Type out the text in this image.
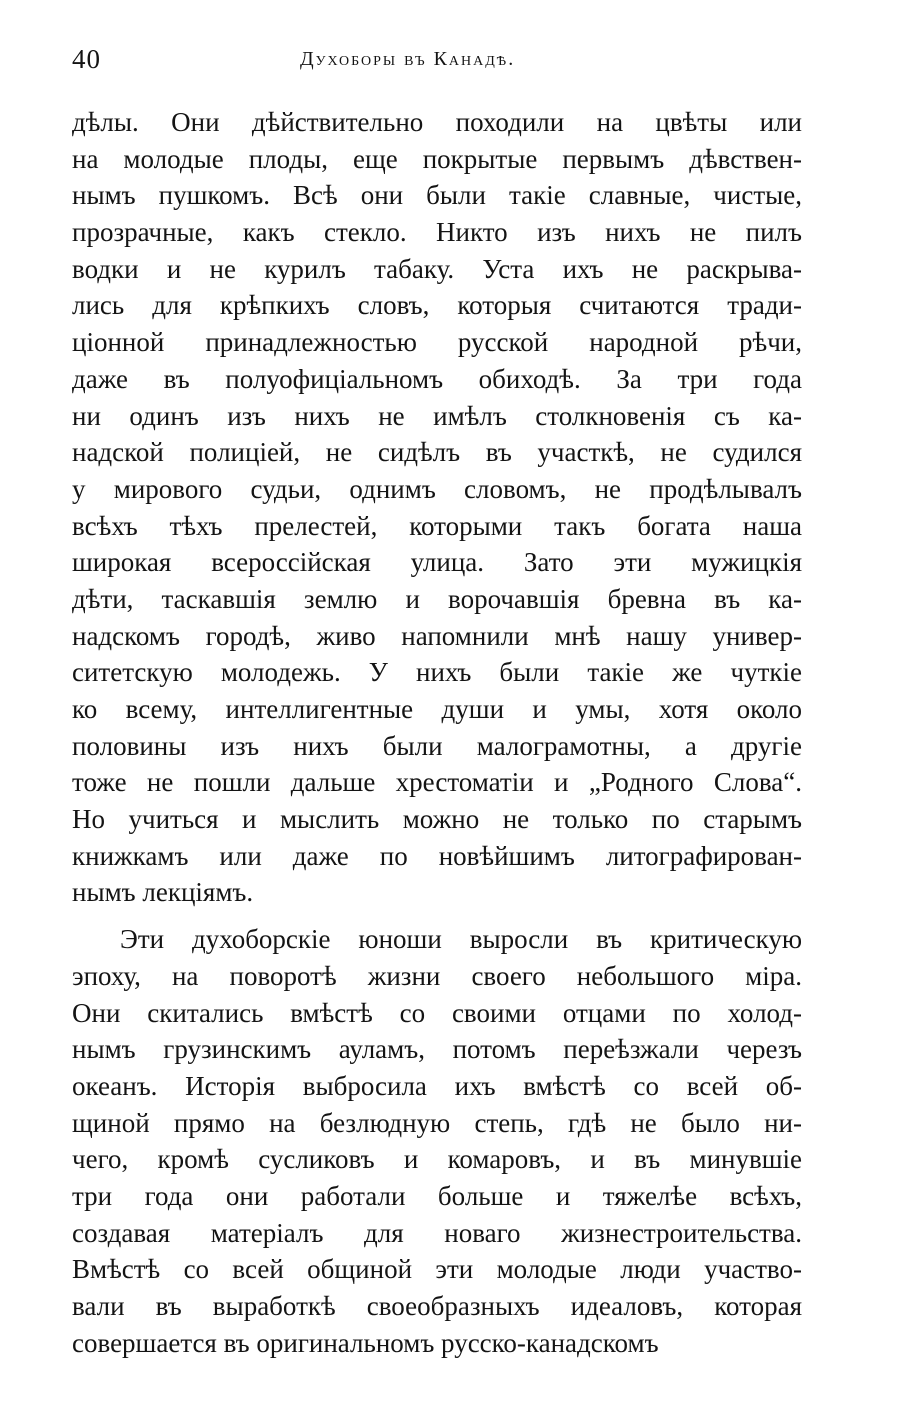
40	Духоборы въ Канадѣ.
дѣлы. Они дѣйствительно походили на цвѣты или
на молодые плоды, еще покрытые первымъ дѣвствен-
нымъ пушкомъ. Всѣ они были такіе славные, чистые,
прозрачные, какъ стекло. Никто изъ нихъ не пилъ
водки и не курилъ табаку. Уста ихъ не раскрыва-
лись для крѣпкихъ словъ, которыя считаются тради-
ціонной принадлежностью русской народной рѣчи,
даже въ полуофиціальномъ обиходѣ. За три года
ни одинъ изъ нихъ не имѣлъ столкновенія съ ка-
надской полиціей, не сидѣлъ въ участкѣ, не судился
у мирового судьи, однимъ словомъ, не продѣлывалъ
всѣхъ тѣхъ прелестей, которыми такъ богата наша
широкая всероссійская улица. Зато эти мужицкія
дѣти, таскавшія землю и ворочавшія бревна въ ка-
надскомъ городѣ, живо напомнили мнѣ нашу универ-
ситетскую молодежь. У нихъ были такіе же чуткіе
ко всему, интеллигентные души и умы, хотя около
половины изъ нихъ были малограмотны, а другіе
тоже не пошли дальше хрестоматіи и „Родного Слова“.
Но учиться и мыслить можно не только по старымъ
книжкамъ или даже по новѣйшимъ литографирован-
нымъ лекціямъ.
Эти духоборскіе юноши выросли въ критическую
эпоху, на поворотѣ жизни своего небольшого міра.
Они скитались вмѣстѣ со своими отцами по холод-
нымъ грузинскимъ ауламъ, потомъ переѣзжали черезъ
океанъ. Исторія выбросила ихъ вмѣстѣ со всей об-
щиной прямо на безлюдную степь, гдѣ не было ни-
чего, кромѣ сусликовъ и комаровъ, и въ минувшіе
три года они работали больше и тяжелѣе всѣхъ,
создавая матеріалъ для новаго жизнестроительства.
Вмѣстѣ со всей общиной эти молодые люди участво-
вали въ выработкѣ своеобразныхъ идеаловъ, которая
совершается въ оригинальномъ русско-канадскомъ
